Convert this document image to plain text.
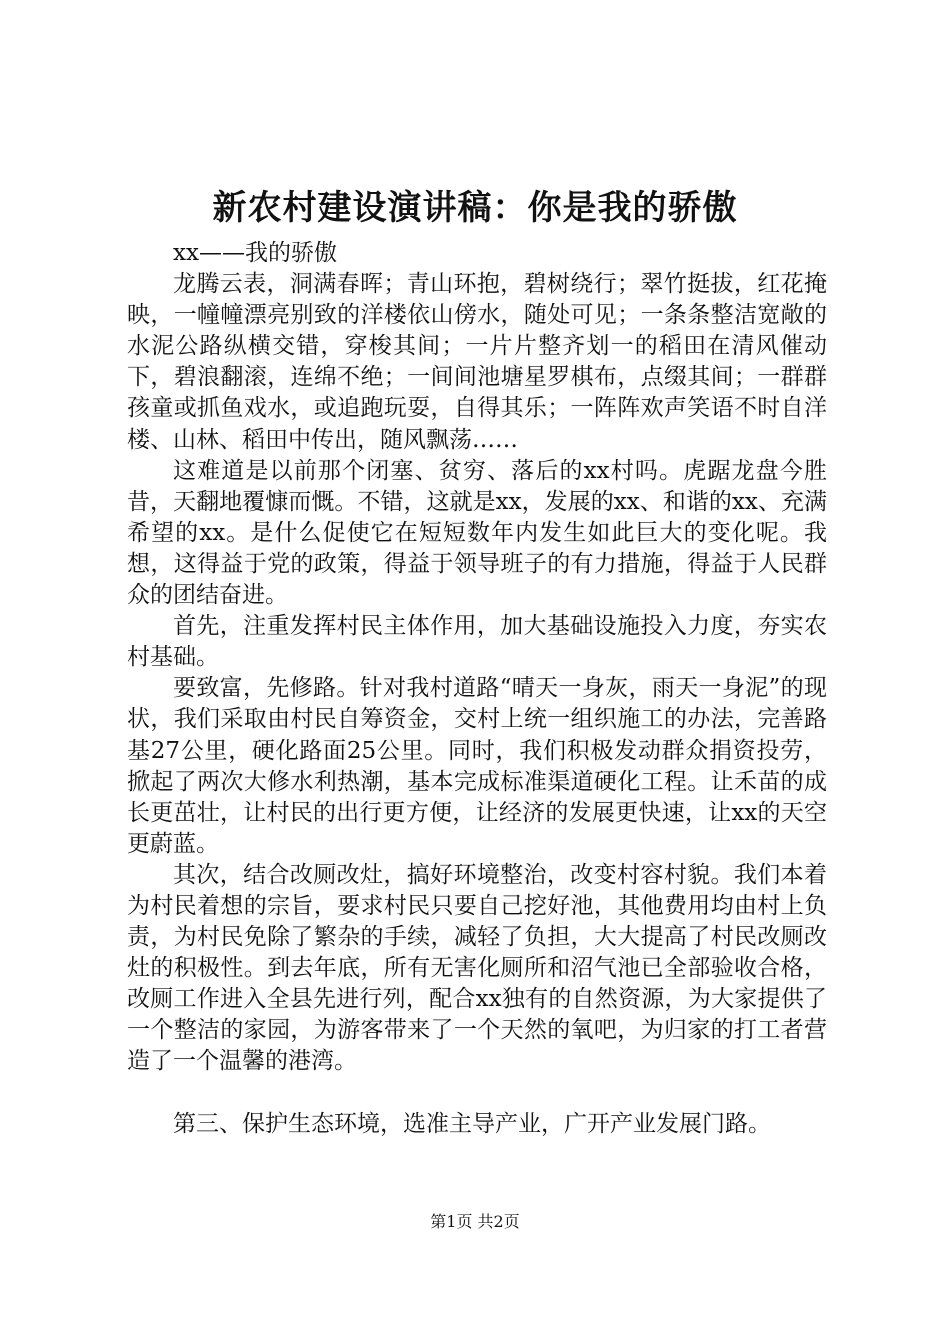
新农村建设演讲稿：你是我的骄傲

xx——我的骄傲

龙腾云表，洞满春晖；青山环抱，碧树绕行；翠竹挺拔，红花掩映，一幢幢漂亮别致的洋楼依山傍水，随处可见；一条条整洁宽敞的水泥公路纵横交错，穿梭其间；一片片整齐划一的稻田在清风催动下，碧浪翻滚，连绵不绝；一间间池塘星罗棋布，点缀其间；一群群孩童或抓鱼戏水，或追跑玩耍，自得其乐；一阵阵欢声笑语不时自洋楼、山林、稻田中传出，随风飘荡……

这难道是以前那个闭塞、贫穷、落后的xx村吗。虎踞龙盘今胜昔，天翻地覆慷而慨。不错，这就是xx，发展的xx、和谐的xx、充满希望的xx。是什么促使它在短短数年内发生如此巨大的变化呢。我想，这得益于党的政策，得益于领导班子的有力措施，得益于人民群众的团结奋进。

首先，注重发挥村民主体作用，加大基础设施投入力度，夯实农村基础。

要致富，先修路。针对我村道路“晴天一身灰，雨天一身泥”的现状，我们采取由村民自筹资金，交村上统一组织施工的办法，完善路基27公里，硬化路面25公里。同时，我们积极发动群众捐资投劳，掀起了两次大修水利热潮，基本完成标准渠道硬化工程。让禾苗的成长更茁壮，让村民的出行更方便，让经济的发展更快速，让xx的天空更蔚蓝。

其次，结合改厕改灶，搞好环境整治，改变村容村貌。我们本着为村民着想的宗旨，要求村民只要自己挖好池，其他费用均由村上负责，为村民免除了繁杂的手续，减轻了负担，大大提高了村民改厕改灶的积极性。到去年底，所有无害化厕所和沼气池已全部验收合格，改厕工作进入全县先进行列，配合xx独有的自然资源，为大家提供了一个整洁的家园，为游客带来了一个天然的氧吧，为归家的打工者营造了一个温馨的港湾。

第三、保护生态环境，选准主导产业，广开产业发展门路。

第1页 共2页
